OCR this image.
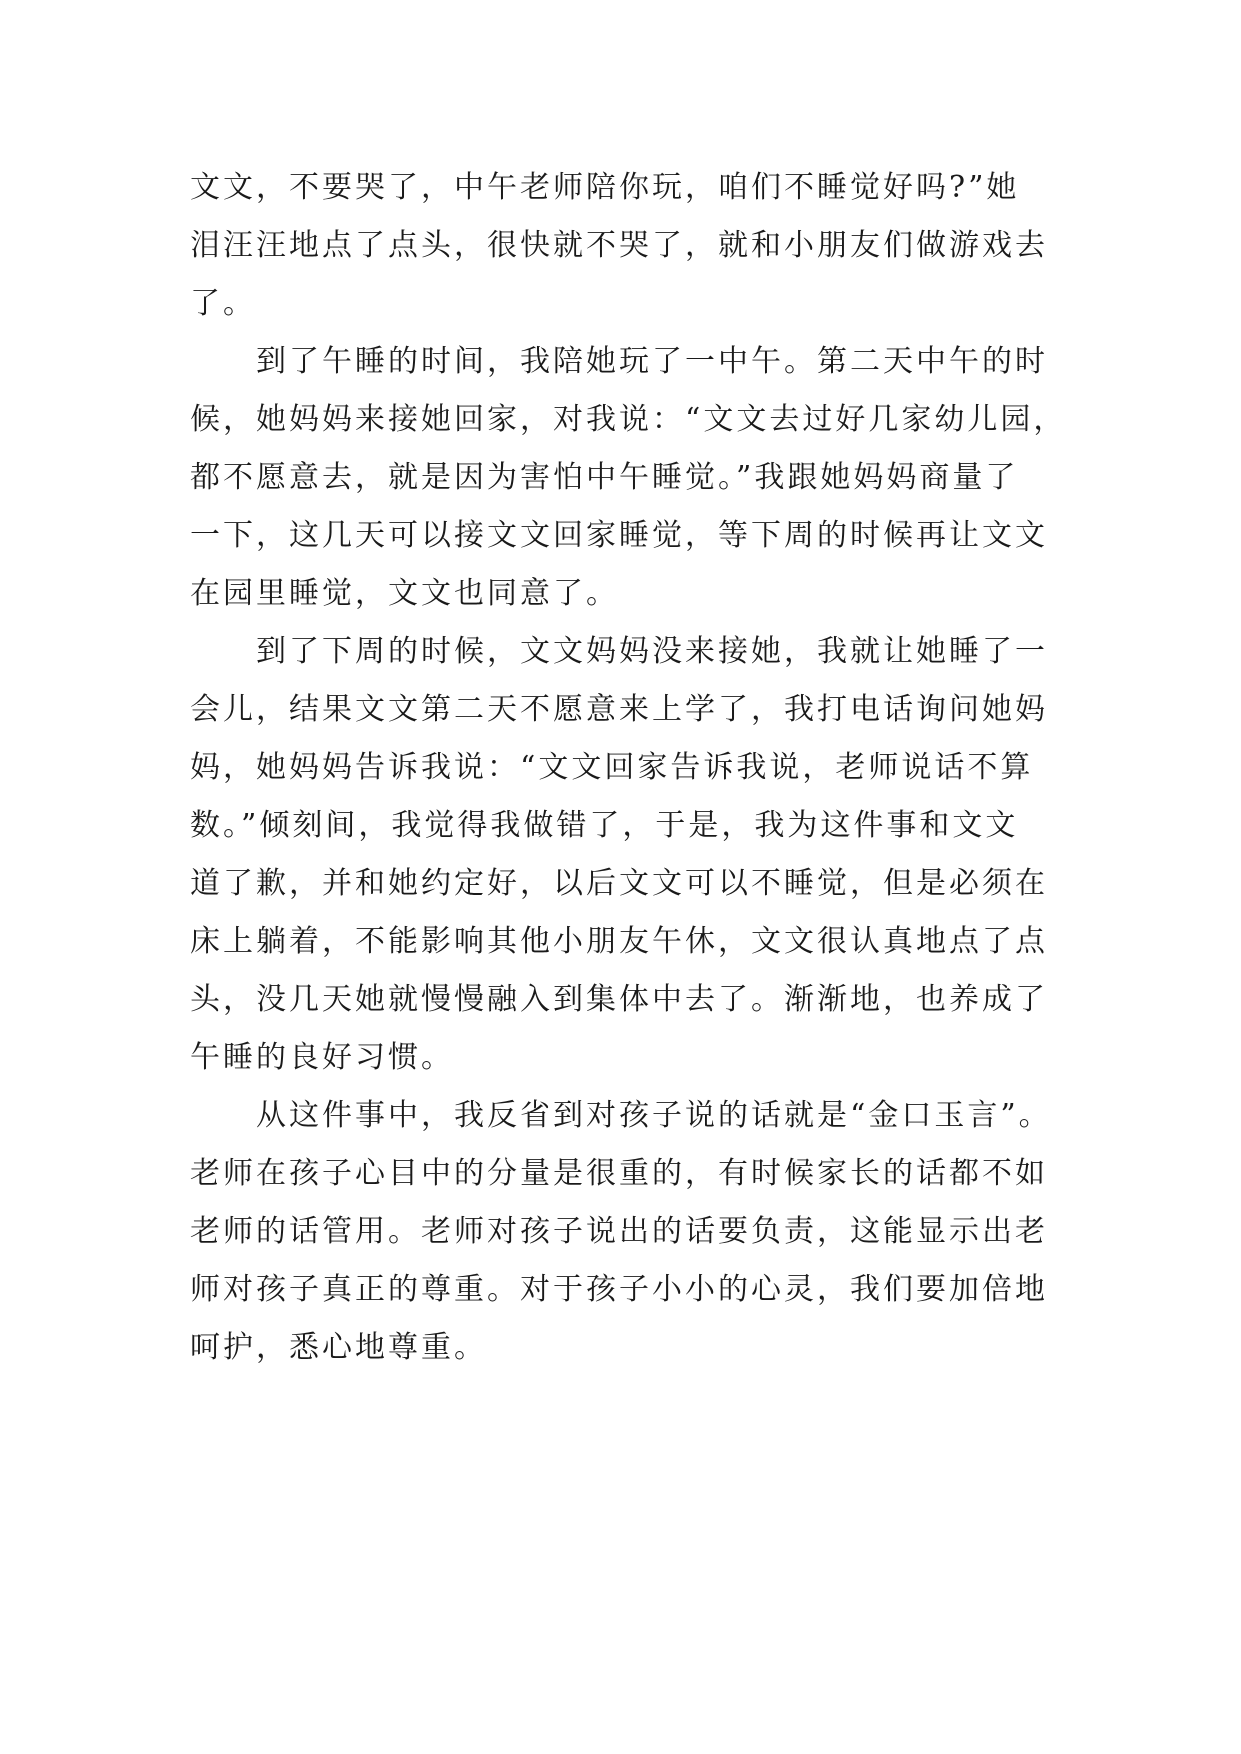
文文，不要哭了，中午老师陪你玩，咱们不睡觉好吗?”她
泪汪汪地点了点头，很快就不哭了，就和小朋友们做游戏去
了。
到了午睡的时间，我陪她玩了一中午。第二天中午的时
候，她妈妈来接她回家，对我说：“文文去过好几家幼儿园，
都不愿意去，就是因为害怕中午睡觉。”我跟她妈妈商量了
一下，这几天可以接文文回家睡觉，等下周的时候再让文文
在园里睡觉，文文也同意了。
到了下周的时候，文文妈妈没来接她，我就让她睡了一
会儿，结果文文第二天不愿意来上学了，我打电话询问她妈
妈，她妈妈告诉我说：“文文回家告诉我说，老师说话不算
数。”倾刻间，我觉得我做错了，于是，我为这件事和文文
道了歉，并和她约定好，以后文文可以不睡觉，但是必须在
床上躺着，不能影响其他小朋友午休，文文很认真地点了点
头，没几天她就慢慢融入到集体中去了。渐渐地，也养成了
午睡的良好习惯。
从这件事中，我反省到对孩子说的话就是“金口玉言”。
老师在孩子心目中的分量是很重的，有时候家长的话都不如
老师的话管用。老师对孩子说出的话要负责，这能显示出老
师对孩子真正的尊重。对于孩子小小的心灵，我们要加倍地
呵护，悉心地尊重。
